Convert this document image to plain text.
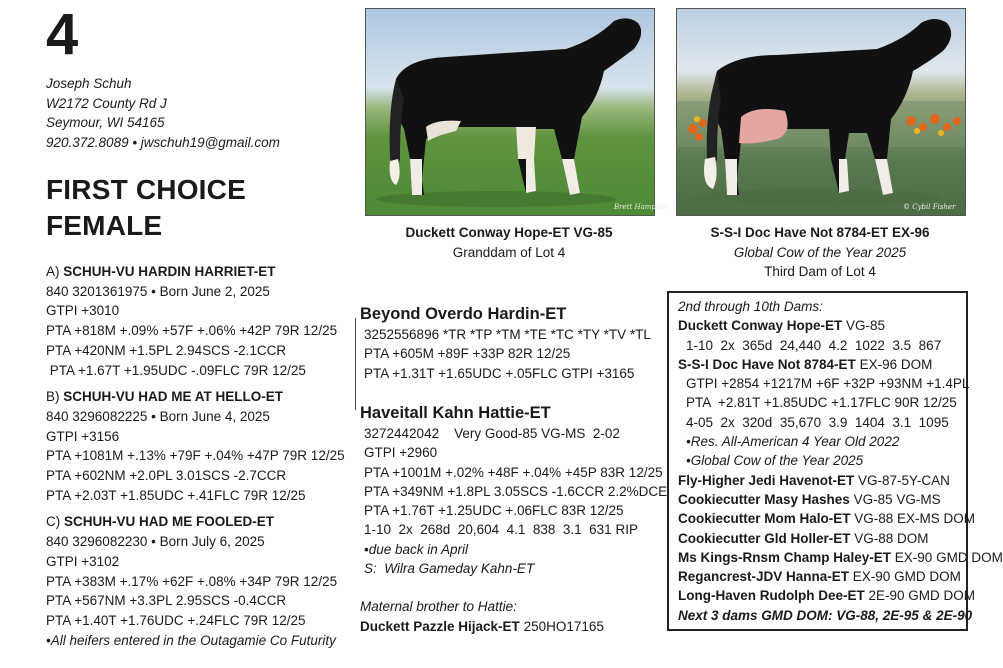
4
Joseph Schuh
W2172 County Rd J
Seymour, WI 54165
920.372.8089 • jwschuh19@gmail.com
FIRST CHOICE
FEMALE
A) SCHUH-VU HARDIN HARRIET-ET
840 3201361975 • Born June 2, 2025
GTPI +3010
PTA +818M +.09% +57F +.06% +42P 79R 12/25
PTA +420NM +1.5PL 2.94SCS -2.1CCR
PTA +1.67T +1.95UDC -.09FLC 79R 12/25
B) SCHUH-VU HAD ME AT HELLO-ET
840 3296082225 • Born June 4, 2025
GTPI +3156
PTA +1081M +.13% +79F +.04% +47P 79R 12/25
PTA +602NM +2.0PL 3.01SCS -2.7CCR
PTA +2.03T +1.85UDC +.41FLC 79R 12/25
C) SCHUH-VU HAD ME FOOLED-ET
840 3296082230 • Born July 6, 2025
GTPI +3102
PTA +383M +.17% +62F +.08% +34P 79R 12/25
PTA +567NM +3.3PL 2.95SCS -0.4CCR
PTA +1.40T +1.76UDC +.24FLC 79R 12/25
•All heifers entered in the Outagamie Co Futurity
Brett Hampton	© Cybil Fisher
Duckett Conway Hope-ET VG-85
Granddam of Lot 4
S-S-I Doc Have Not 8784-ET EX-96
Global Cow of the Year 2025
Third Dam of Lot 4
Beyond Overdo Hardin-ET
3252556896 *TR *TP *TM *TE *TC *TY *TV *TL
PTA +605M +89F +33P 82R 12/25
PTA +1.31T +1.65UDC +.05FLC GTPI +3165
Haveitall Kahn Hattie-ET
3272442042    Very Good-85 VG-MS  2-02
GTPI +2960
PTA +1001M +.02% +48F +.04% +45P 83R 12/25
PTA +349NM +1.8PL 3.05SCS -1.6CCR 2.2%DCE
PTA +1.76T +1.25UDC +.06FLC 83R 12/25
1-10  2x  268d  20,604  4.1  838  3.1  631 RIP
•due back in April
S:  Wilra Gameday Kahn-ET
Maternal brother to Hattie:
Duckett Pazzle Hijack-ET 250HO17165
2nd through 10th Dams:
Duckett Conway Hope-ET VG-85
1-10  2x  365d  24,440  4.2  1022  3.5  867
S-S-I Doc Have Not 8784-ET EX-96 DOM
GTPI +2854 +1217M +6F +32P +93NM +1.4PL
PTA  +2.81T +1.85UDC +1.17FLC 90R 12/25
4-05  2x  320d  35,670  3.9  1404  3.1  1095
•Res. All-American 4 Year Old 2022
•Global Cow of the Year 2025
Fly-Higher Jedi Havenot-ET VG-87-5Y-CAN
Cookiecutter Masy Hashes VG-85 VG-MS
Cookiecutter Mom Halo-ET VG-88 EX-MS DOM
Cookiecutter Gld Holler-ET VG-88 DOM
Ms Kings-Rnsm Champ Haley-ET EX-90 GMD DOM
Regancrest-JDV Hanna-ET EX-90 GMD DOM
Long-Haven Rudolph Dee-ET 2E-90 GMD DOM
Next 3 dams GMD DOM: VG-88, 2E-95 & 2E-90
